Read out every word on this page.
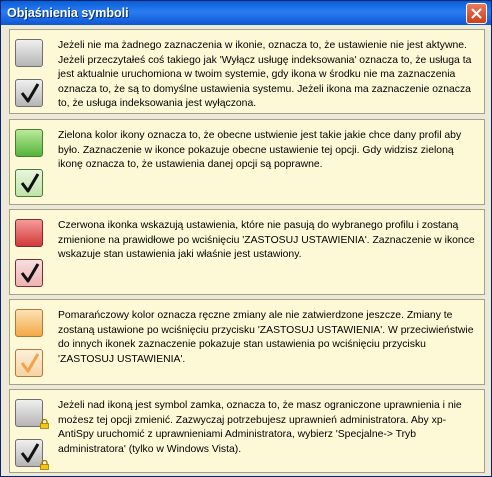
Objaśnienia symboli
Jeżeli nie ma żadnego zaznaczenia w ikonie, oznacza to, że ustawienie nie jest aktywne. Jeżeli przeczytałeś coś takiego jak 'Wyłącz usługę indeksowania' oznacza to, że usługa ta jest aktualnie uruchomiona w twoim systemie, gdy ikona w środku nie ma zaznaczenia oznacza to, że są to domyślne ustawienia systemu. Jeżeli ikona ma zaznaczenie oznacza to, że usługa indeksowania jest wyłączona.
Zielona kolor ikony oznacza to, że obecne ustwienie jest takie jakie chce dany profil aby było. Zaznaczenie w ikonce pokazuje obecne ustawienie tej opcji. Gdy widzisz zieloną ikonę oznacza to, że ustawienia danej opcji są poprawne.
Czerwona ikonka wskazują ustawienia, które nie pasują do wybranego profilu i zostaną zmienione na prawidłowe po wciśnięciu 'ZASTOSUJ USTAWIENIA'. Zaznaczenie w ikonce wskazuje stan ustawienia jaki właśnie jest ustawiony.
Pomarańczowy kolor oznacza ręczne zmiany ale nie zatwierdzone jeszcze. Zmiany te zostaną ustawione po wciśnięciu przycisku 'ZASTOSUJ USTAWIENIA'. W przeciwieństwie do innych ikonek zaznaczenie pokazuje stan ustawienia po wciśnięciu przycisku 'ZASTOSUJ USTAWIENIA'.
Jeżeli nad ikoną jest symbol zamka, oznacza to, że masz ograniczone uprawnienia i nie możesz tej opcji zmienić. Zazwyczaj potrzebujesz uprawnień administratora. Aby xp-AntiSpy uruchomić z uprawnieniami Administratora, wybierz 'Specjalne-> Tryb administratora' (tylko w Windows Vista).
